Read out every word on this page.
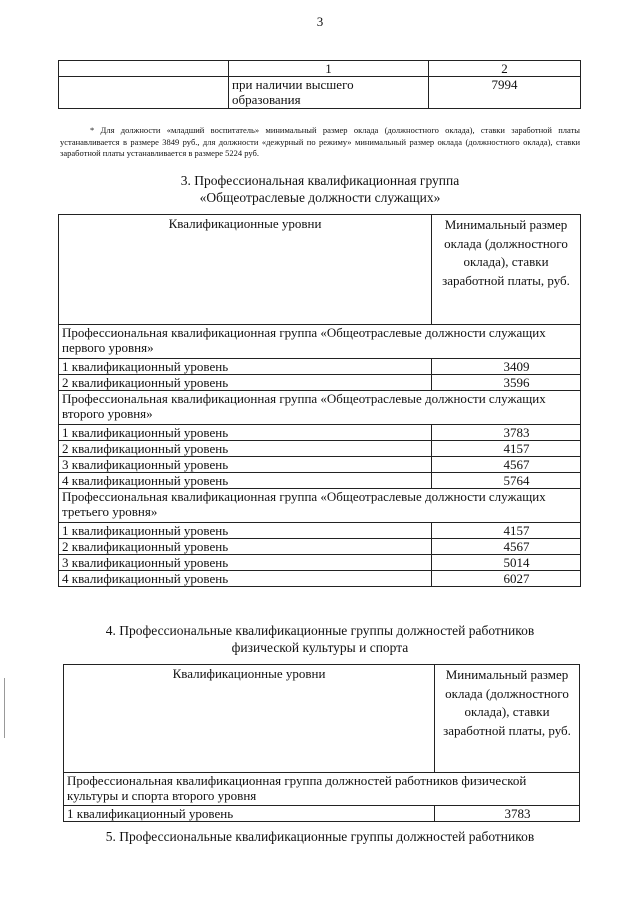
3
	1	2
	при наличии высшего образования	7994
* Для должности «младший воспитатель» минимальный размер оклада (должностного оклада), ставки заработной платы устанавливается в размере 3849 руб., для должности «дежурный по режиму» минимальный размер оклада (должностного оклада), ставки заработной платы устанавливается в размере 5224 руб.
3. Профессиональная квалификационная группа
«Общеотраслевые должности служащих»
Квалификационные уровни	Минимальный размер оклада (должностного оклада), ставки заработной платы, руб.
Профессиональная квалификационная группа «Общеотраслевые должности служащих первого уровня»	
1 квалификационный уровень	3409
2 квалификационный уровень	3596
Профессиональная квалификационная группа «Общеотраслевые должности служащих второго уровня»	
1 квалификационный уровень	3783
2 квалификационный уровень	4157
3 квалификационный уровень	4567
4 квалификационный уровень	5764
Профессиональная квалификационная группа «Общеотраслевые должности служащих третьего уровня»	
1 квалификационный уровень	4157
2 квалификационный уровень	4567
3 квалификационный уровень	5014
4 квалификационный уровень	6027
4. Профессиональные квалификационные группы должностей работников
физической культуры и спорта
Квалификационные уровни	Минимальный размер оклада (должностного оклада), ставки заработной платы, руб.
Профессиональная квалификационная группа должностей работников физической культуры и спорта второго уровня	
1 квалификационный уровень	3783
5. Профессиональные квалификационные группы должностей работников
